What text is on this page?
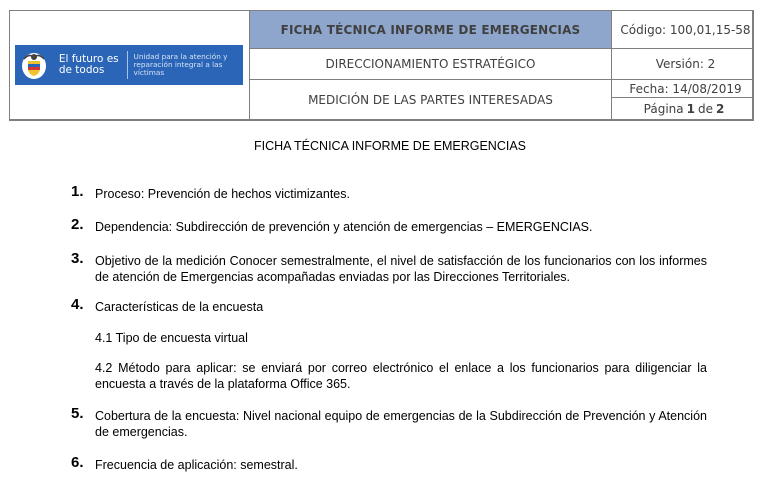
El futuro es de todos
Unidad para la atención y reparación integral a las víctimas
FICHA TÉCNICA INFORME DE EMERGENCIAS
DIRECCIONAMIENTO ESTRATÉGICO
MEDICIÓN DE LAS PARTES INTERESADAS
Código: 100,01,15-58
Versión: 2
Fecha: 14/08/2019
Página 1 de 2
FICHA TÉCNICA INFORME DE EMERGENCIAS
1. Proceso: Prevención de hechos victimizantes.
2. Dependencia: Subdirección de prevención y atención de emergencias – EMERGENCIAS.
3. Objetivo de la medición Conocer semestralmente, el nivel de satisfacción de los funcionarios con los informes de atención de Emergencias acompañadas enviadas por las Direcciones Territoriales.
4. Características de la encuesta
4.1 Tipo de encuesta virtual
4.2 Método para aplicar: se enviará por correo electrónico el enlace a los funcionarios para diligenciar la encuesta a través de la plataforma Office 365.
5. Cobertura de la encuesta: Nivel nacional equipo de emergencias de la Subdirección de Prevención y Atención de emergencias.
6. Frecuencia de aplicación: semestral.
